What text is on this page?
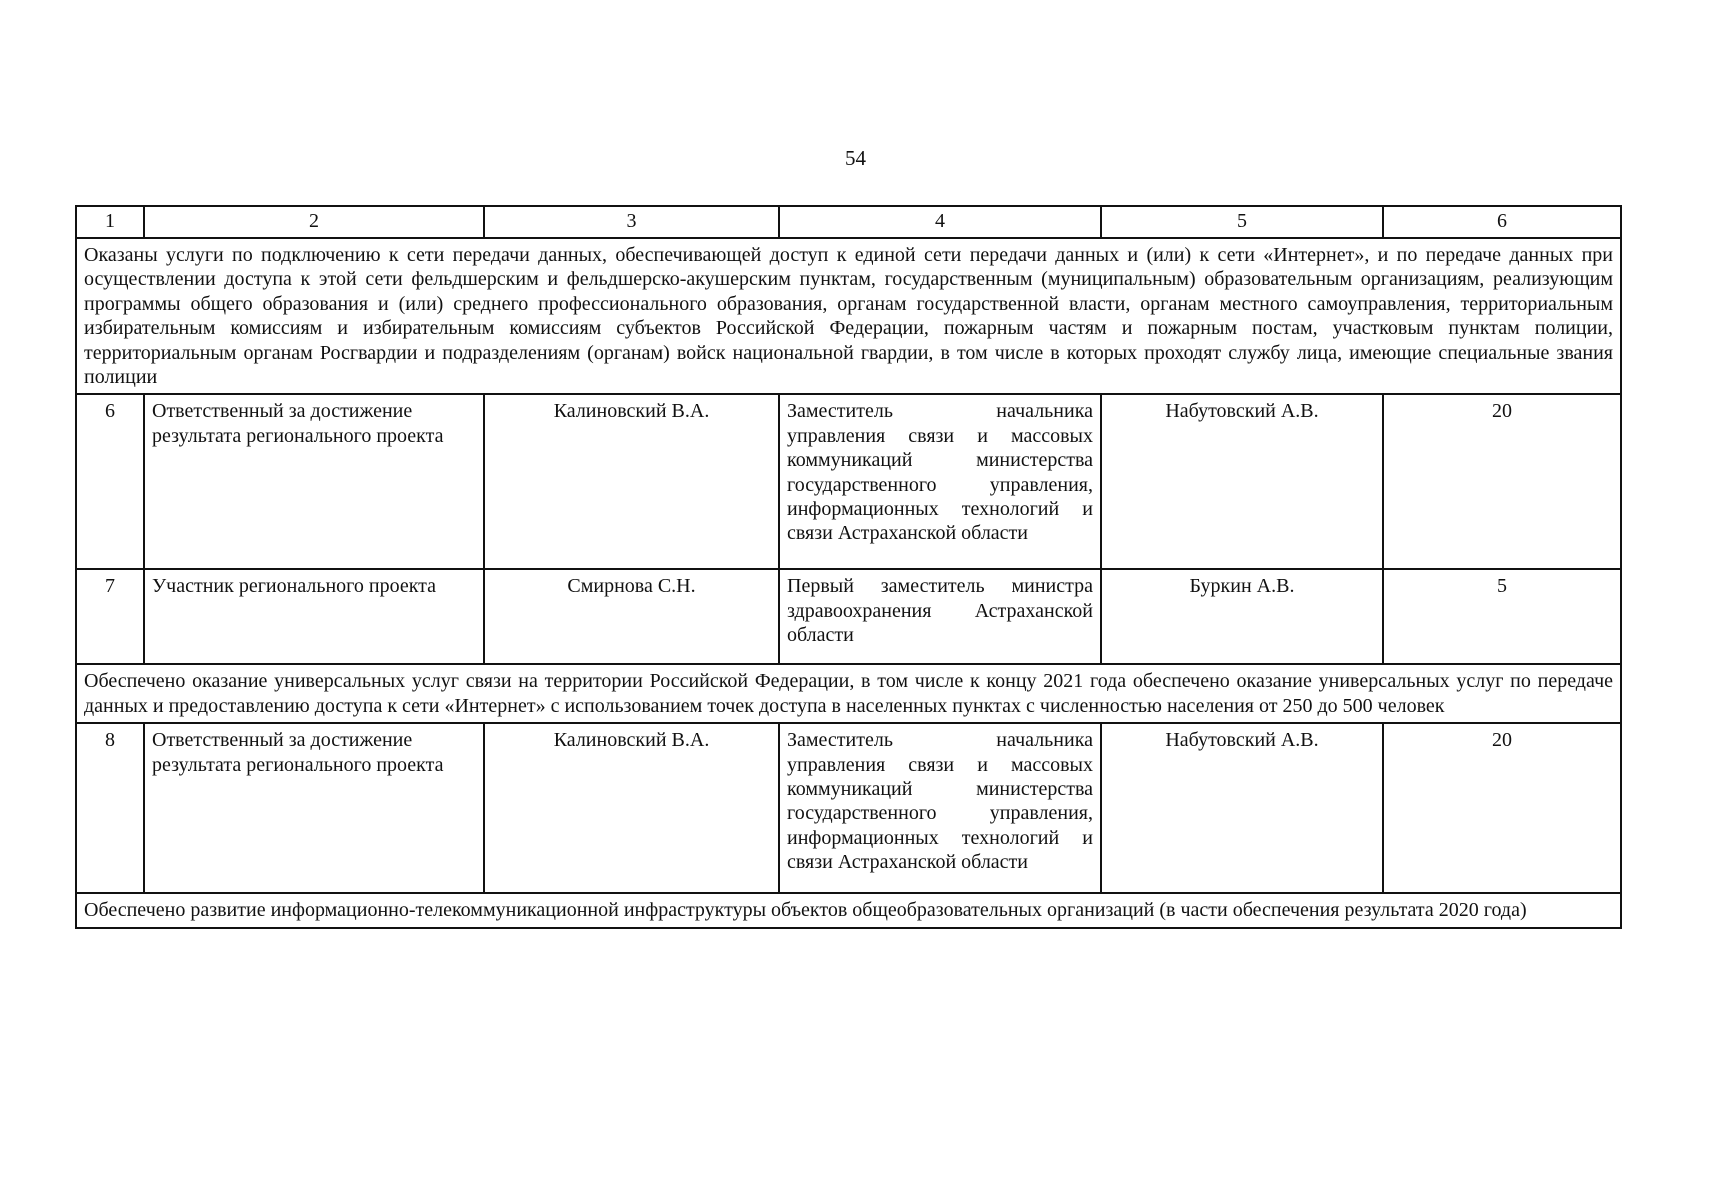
54
1	2	3	4	5	6
Оказаны услуги по подключению к сети передачи данных, обеспечивающей доступ к единой сети передачи данных и (или) к сети «Интернет», и по передаче данных при осуществлении доступа к этой сети фельдшерским и фельдшерско-акушерским пунктам, государственным (муниципальным) образовательным организациям, реализующим программы общего образования и (или) среднего профессионального образования, органам государственной власти, органам местного самоуправления, территориальным избирательным комиссиям и избирательным комиссиям субъектов Российской Федерации, пожарным частям и пожарным постам, участковым пунктам полиции, территориальным органам Росгвардии и подразделениям (органам) войск национальной гвардии, в том числе в которых проходят службу лица, имеющие специальные звания полиции					
6	Ответственный за достижение результата регионального проекта	Калиновский В.А.	Заместитель начальника управления связи и массовых коммуникаций министерства государственного управления, информационных технологий и связи Астраханской области	Набутовский А.В.	20
7	Участник регионального проекта	Смирнова С.Н.	Первый заместитель министра здравоохранения Астраханской области	Буркин А.В.	5
Обеспечено оказание универсальных услуг связи на территории Российской Федерации, в том числе к концу 2021 года обеспечено оказание универсальных услуг по передаче данных и предоставлению доступа к сети «Интернет» с использованием точек доступа в населенных пунктах с численностью населения от 250 до 500 человек					
8	Ответственный за достижение результата регионального проекта	Калиновский В.А.	Заместитель начальника управления связи и массовых коммуникаций министерства государственного управления, информационных технологий и связи Астраханской области	Набутовский А.В.	20
Обеспечено развитие информационно-телекоммуникационной инфраструктуры объектов общеобразовательных организаций (в части обеспечения результата 2020 года)					
